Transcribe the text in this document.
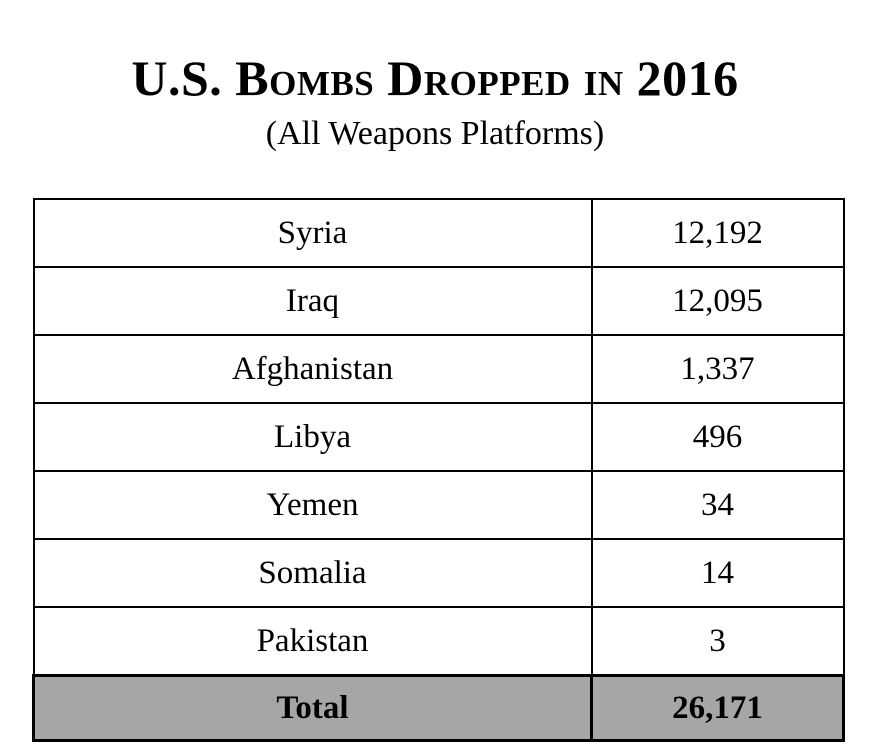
U.S. Bombs Dropped in 2016
(All Weapons Platforms)
Syria	12,192
Iraq	12,095
Afghanistan	1,337
Libya	496
Yemen	34
Somalia	14
Pakistan	3
Total	26,171
